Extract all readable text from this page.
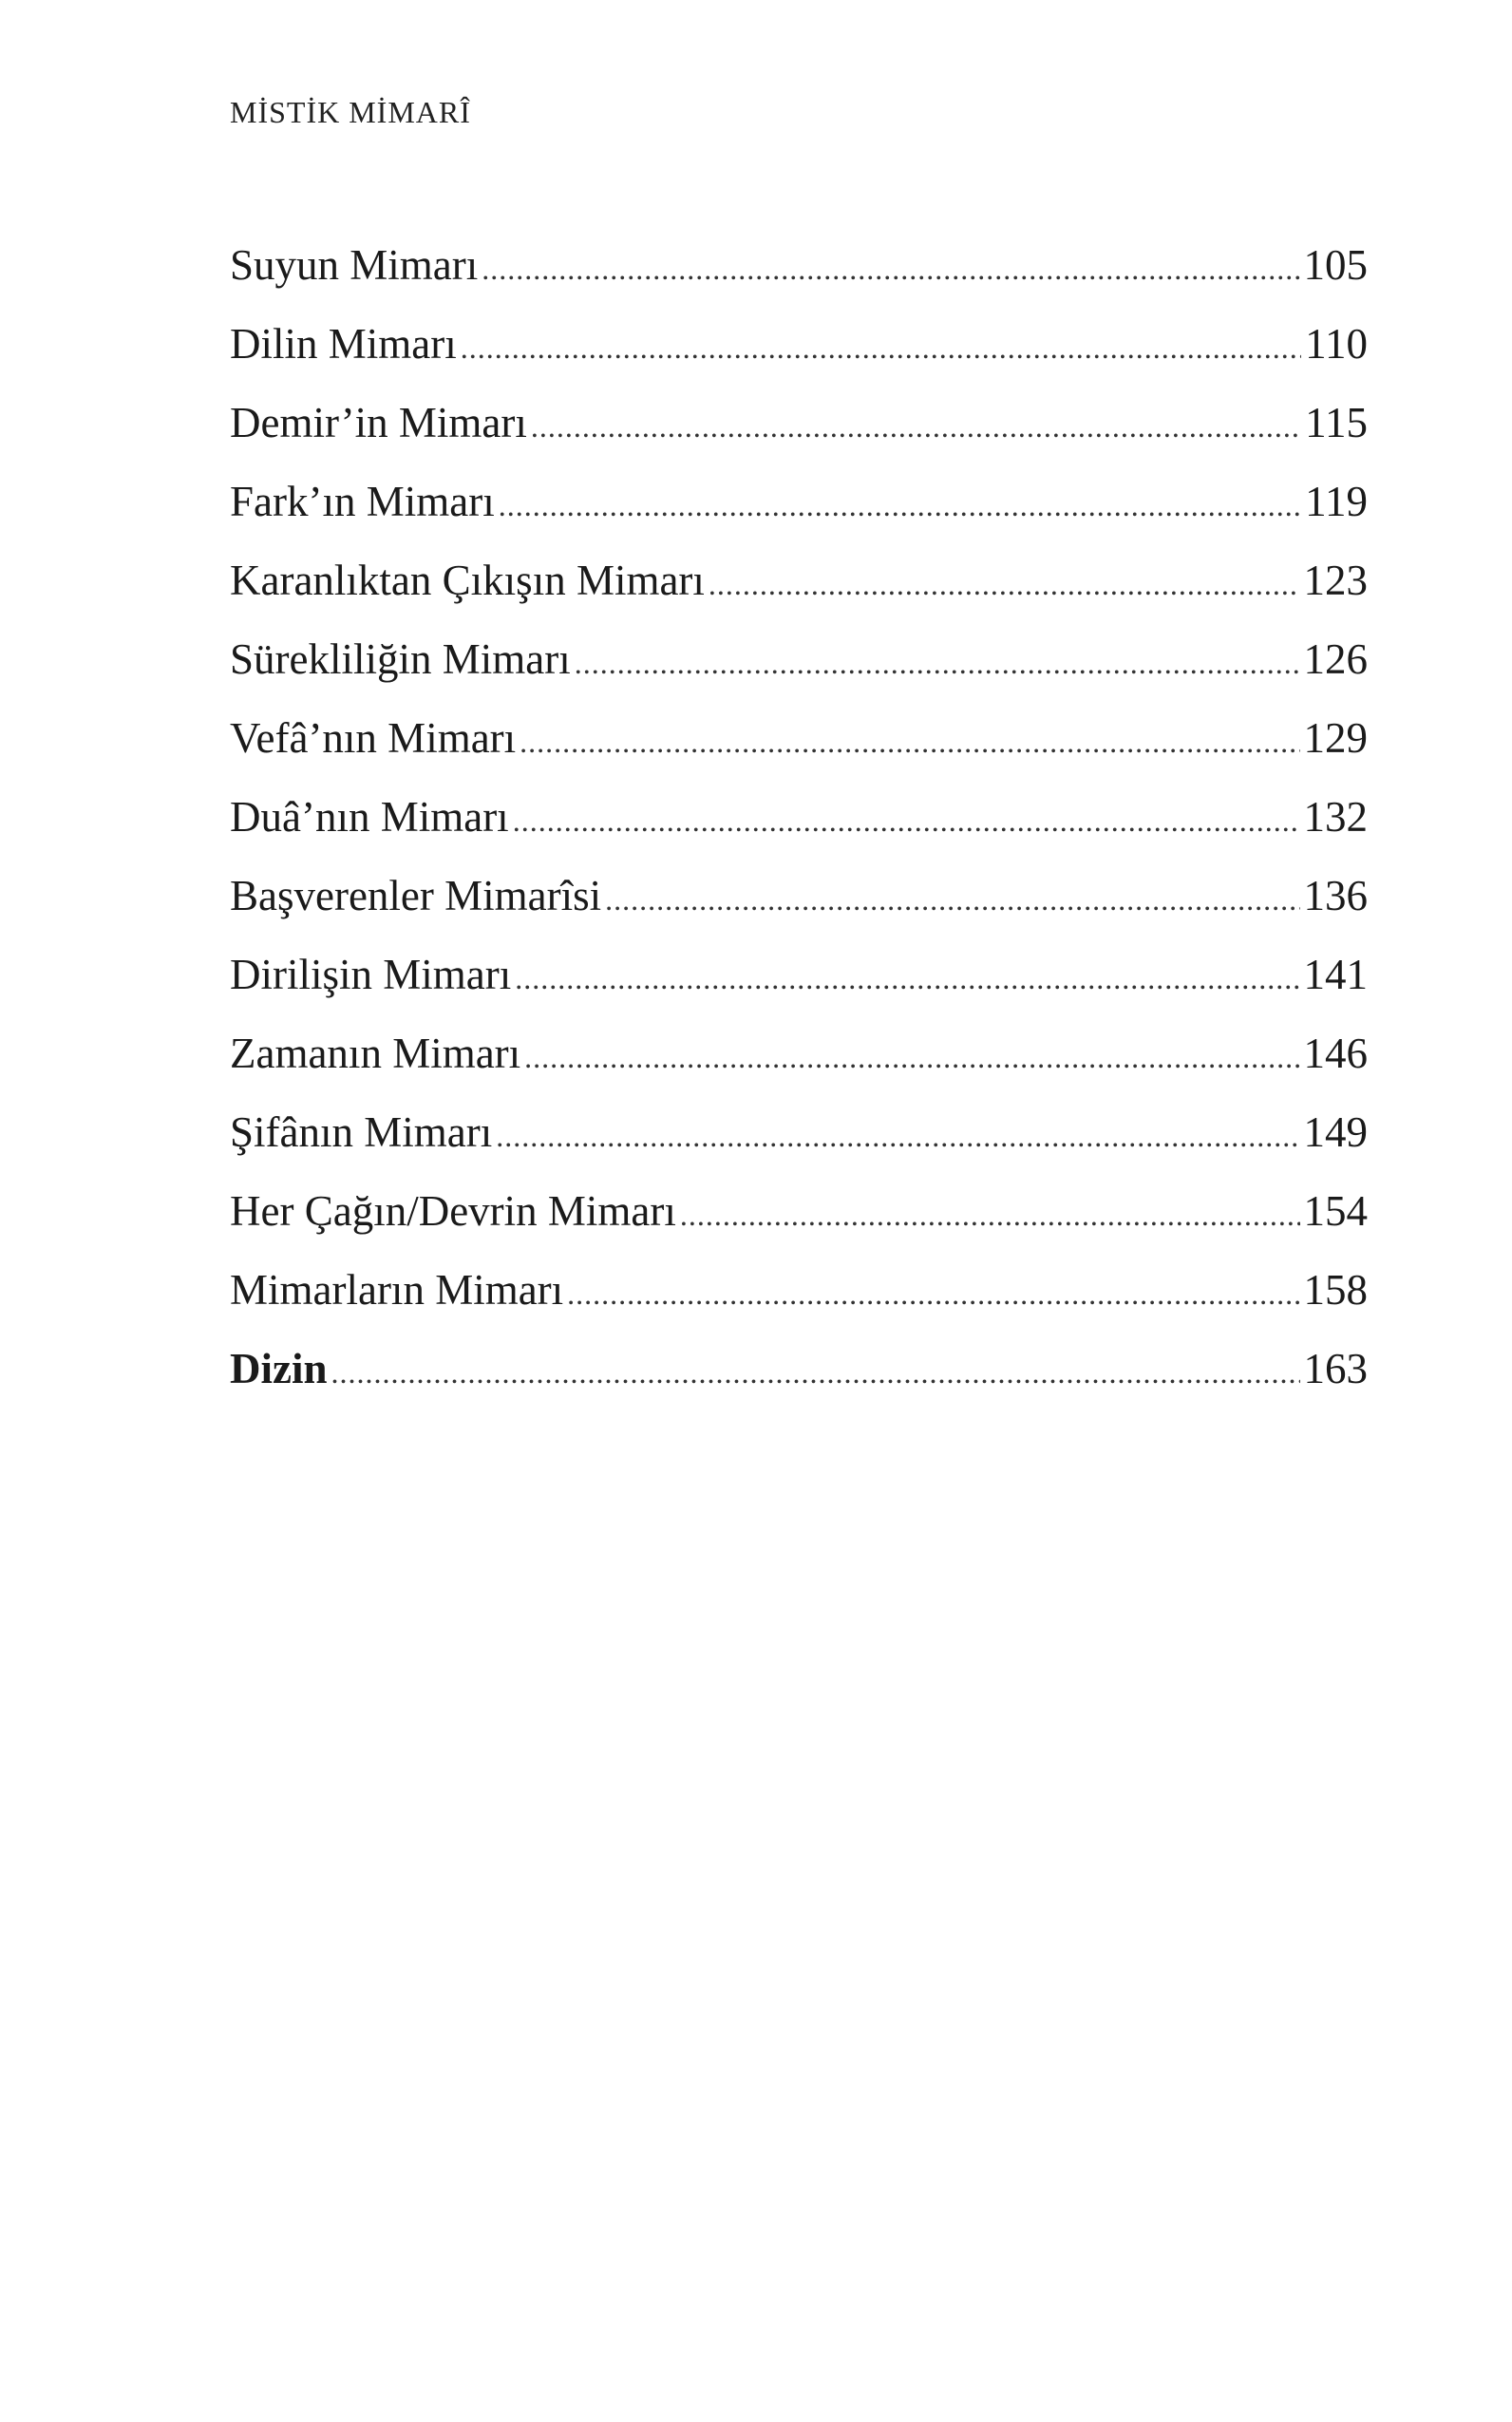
MİSTİK MİMARÎ
Suyun Mimarı .....	105
Dilin Mimarı .....	110
Demir’in Mimarı .....	115
Fark’ın Mimarı .....	119
Karanlıktan Çıkışın Mimarı .....	123
Sürekliliğin Mimarı .....	126
Vefâ’nın Mimarı .....	129
Duâ’nın Mimarı .....	132
Başverenler Mimarîsi .....	136
Dirilişin Mimarı .....	141
Zamanın Mimarı .....	146
Şifânın Mimarı .....	149
Her Çağın/Devrin Mimarı .....	154
Mimarların Mimarı .....	158
Dizin .....	163
